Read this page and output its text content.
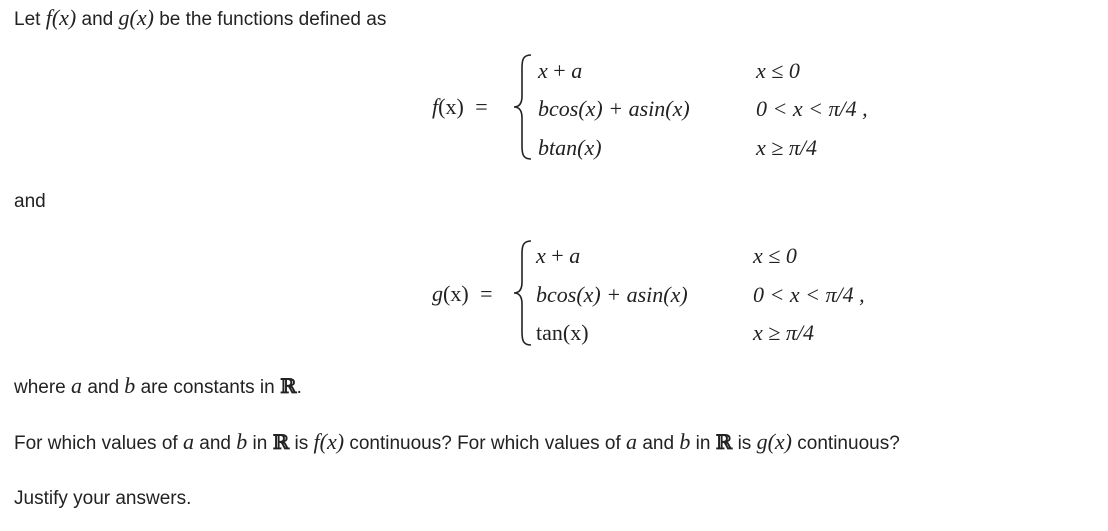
Let f(x) and g(x) be the functions defined as
f(x) =
x + a	x ≤ 0
bcos(x) + asin(x)	0 < x < π/4 ,
btan(x)	x ≥ π/4
and
g(x) =
x + a	x ≤ 0
bcos(x) + asin(x)	0 < x < π/4 ,
tan(x)	x ≥ π/4
where a and b are constants in ℝ.
For which values of a and b in ℝ is f(x) continuous? For which values of a and b in ℝ is g(x) continuous?
Justify your answers.
